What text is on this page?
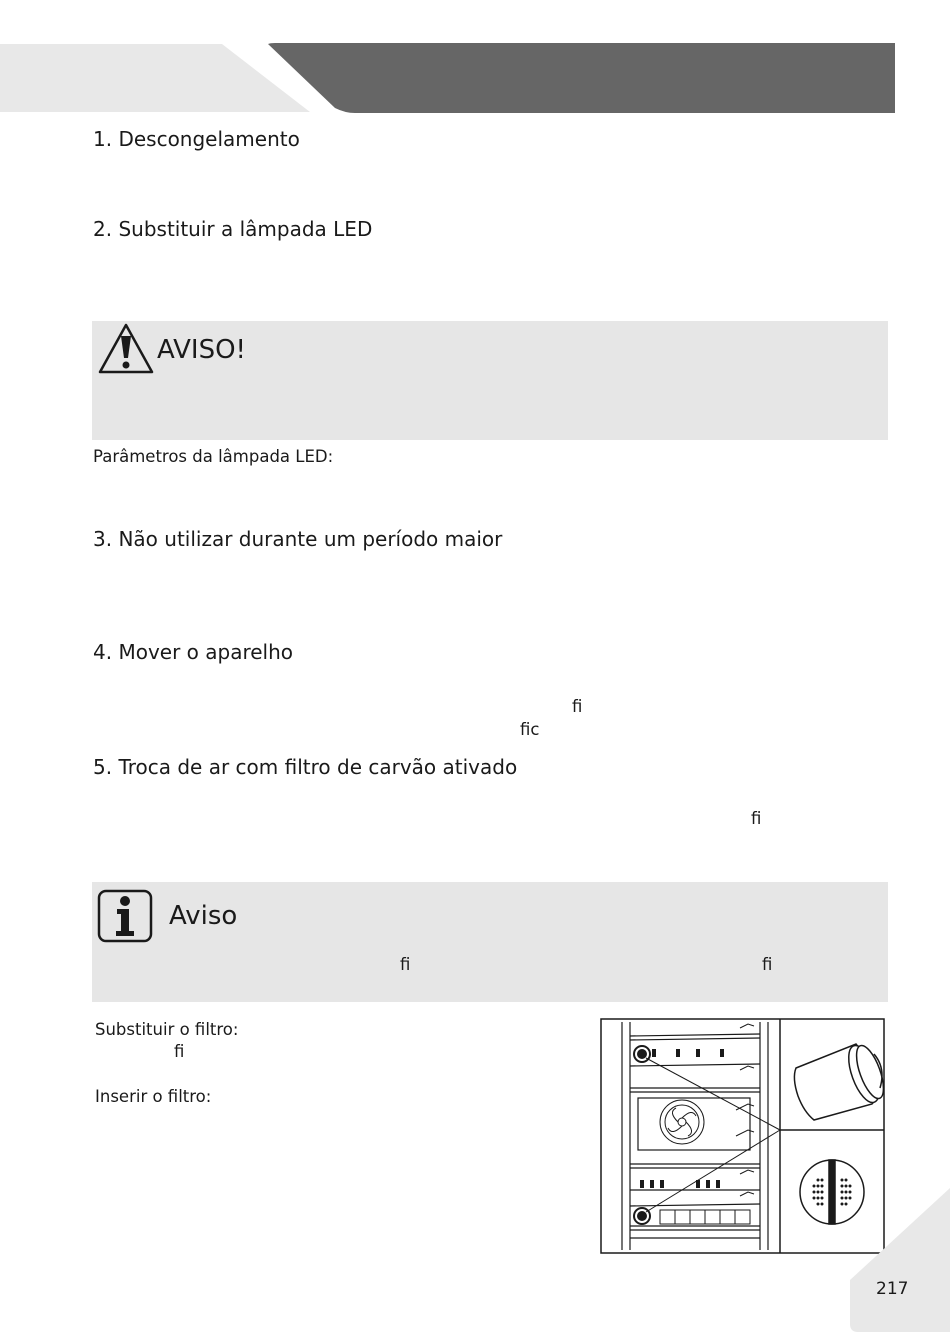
1. Descongelamento
2. Substituir a lâmpada LED
AVISO!
Parâmetros da lâmpada LED:
3. Não utilizar durante um período maior
4. Mover o aparelho
fi
fic
5. Troca de ar com filtro de carvão ativado
fi
Aviso
fi	fi
Substituir o filtro:
fi
Inserir o filtro:
217
